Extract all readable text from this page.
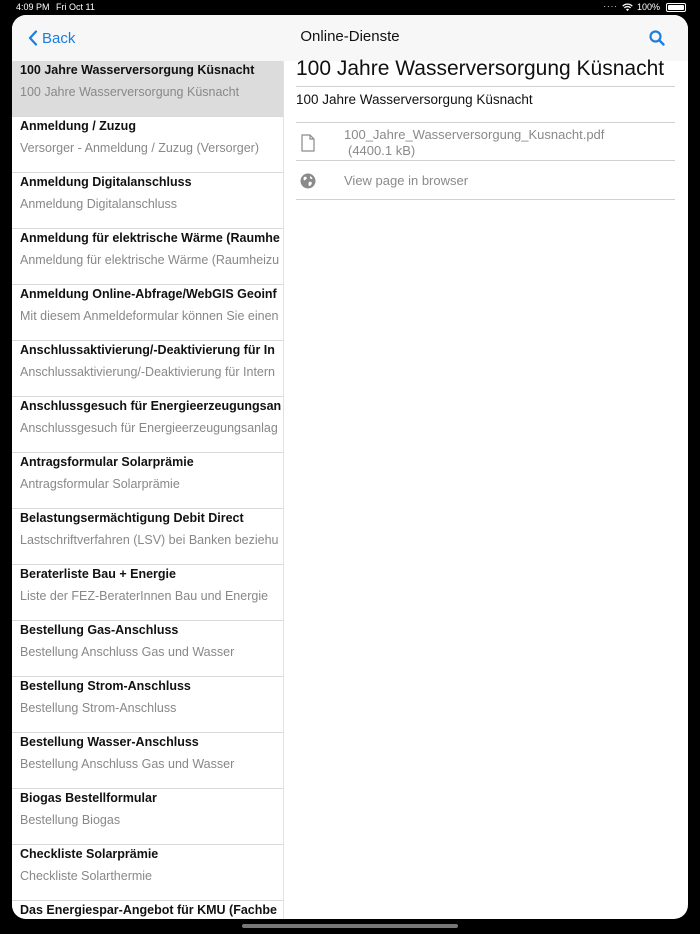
4:09 PM Fri Oct 11	···· 100%
Back	Online-Dienste
100 Jahre Wasserversorgung Küsnacht
100 Jahre Wasserversorgung Küsnacht
Anmeldung / Zuzug
Versorger - Anmeldung / Zuzug (Versorger)
Anmeldung Digitalanschluss
Anmeldung Digitalanschluss
Anmeldung für elektrische Wärme (Raumhe
Anmeldung für elektrische Wärme (Raumheizu
Anmeldung Online-Abfrage/WebGIS Geoinf
Mit diesem Anmeldeformular können Sie einen
Anschlussaktivierung/-Deaktivierung für In
Anschlussaktivierung/-Deaktivierung für Intern
Anschlussgesuch für Energieerzeugungsan
Anschlussgesuch für Energieerzeugungsanlag
Antragsformular Solarprämie
Antragsformular Solarprämie
Belastungsermächtigung Debit Direct
Lastschriftverfahren (LSV) bei Banken beziehu
Beraterliste Bau + Energie
Liste der FEZ-BeraterInnen Bau und Energie
Bestellung Gas-Anschluss
Bestellung Anschluss Gas und Wasser
Bestellung Strom-Anschluss
Bestellung Strom-Anschluss
Bestellung Wasser-Anschluss
Bestellung Anschluss Gas und Wasser
Biogas Bestellformular
Bestellung Biogas
Checkliste Solarprämie
Checkliste Solarthermie
Das Energiespar-Angebot für KMU (Fachbe
100 Jahre Wasserversorgung Küsnacht
100 Jahre Wasserversorgung Küsnacht
100_Jahre_Wasserversorgung_Kusnacht.pdf
(4400.1 kB)
View page in browser
